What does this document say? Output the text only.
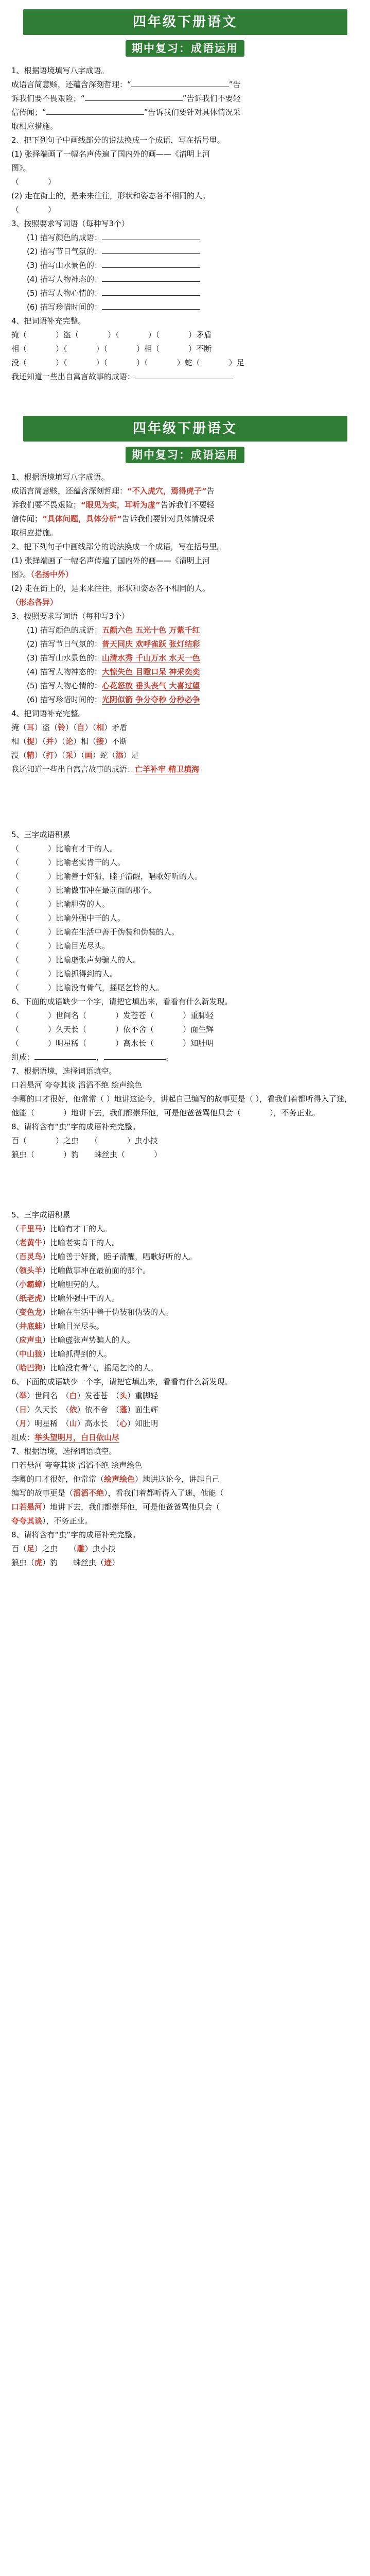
四年级下册语文
期中复习：成语运用
1、根据语境填写八字成语。
成语言简意赅，还蕴含深刻哲理：“	”告
诉我们要不畏艰险；“	”告诉我们不要轻
信传闻；“	”告诉我们要针对具体情况采
取相应措施。
2、把下列句子中画线部分的说法换成一个成语，写在括号里。
(1) 张择端画了一幅名声传遍了国内外的画——《清明上河
图》。
（	）
(2) 走在街上的，是来来往往，形状和姿态各不相同的人。
（	）
3、按照要求写词语（每种写3个）
(1) 描写颜色的成语：
(2) 描写节日气氛的：
(3) 描写山水景色的：
(4) 描写人物神态的：
(5) 描写人物心情的：
(6) 描写珍惜时间的：
4、把词语补充完整。
掩（	）盗（	）（	）（	）矛盾
相（	）（	）（	）相（	）不断
没（	）（	）（	）（	）蛇（	）足
我还知道一些出自寓言故事的成语：
四年级下册语文
期中复习：成语运用
1、根据语境填写八字成语。
成语言简意赅，还蕴含深刻哲理：“不入虎穴，焉得虎子”告
诉我们要不畏艰险；“眼见为实，耳听为虚”告诉我们不要轻
信传闻；“具体问题，具体分析”告诉我们要针对具体情况采
取相应措施。
2、把下列句子中画线部分的说法换成一个成语，写在括号里。
(1) 张择端画了一幅名声传遍了国内外的画——《清明上河
图》。（名扬中外）
(2) 走在街上的，是来来往往，形状和姿态各不相同的人。
（形态各异）
3、按照要求写词语（每种写3个）
(1) 描写颜色的成语：五颜六色 五光十色 万紫千红
(2) 描写节日气氛的：普天同庆 欢呼雀跃 张灯结彩
(3) 描写山水景色的：山清水秀 千山万水 水天一色
(4) 描写人物神态的：大惊失色 目瞪口呆 神采奕奕
(5) 描写人物心情的：心花怒放 垂头丧气 大喜过望
(6) 描写珍惜时间的：光阴似箭 争分夺秒 分秒必争
4、把词语补充完整。
掩（耳）盗（铃）（自）（相）矛盾
相（提）（并）（论）相（接）不断
没（精）（打）（采）（画）蛇（添）足
我还知道一些出自寓言故事的成语：亡羊补牢 精卫填海
5、三字成语积累
（	）比喻有才干的人。
（	）比喻老实肯干的人。
（	）比喻善于奸猾，睦子清醒，唱歌好听的人。
（	）比喻做事冲在最前面的那个。
（	）比喻胆劳的人。
（	）比喻外强中干的人。
（	）比喻在生活中善于伪装和伪装的人。
（	）比喻目光尽头。
（	）比喻虚张声势骗人的人。
（	）比喻抓得到的人。
（	）比喻没有骨气，摇尾乞怜的人。
6、下面的成语缺少一个字，请把它填出来，看看有什么新发现。
（	）世间名（	）发苍苍（	）重脚轻
（	）久天长（	）依不舍（	）面生辉
（	）明星稀（	）高水长（	）知肚明
组成：	，	。
7、根据语境，选择词语填空。
口若悬河 夸夸其谈 滔滔不绝 绘声绘色
李卿的口才很好，他常常（ ）地讲这论今，讲起自己编写的故事更是（ ），看我们着都听得入了迷，他能（	）地讲下去，我们都崇拜他，可是他爸爸骂他只会（	），不务正业。
8、请将含有“虫”字的成语补充完整。
百（	）之虫　　 （	）虫小技
狼虫（	）豹　　 蛛丝虫（	）
5、三字成语积累
（千里马）比喻有才干的人。
（老黄牛）比喻老实肯干的人。
（百灵鸟）比喻善于奸猾，睦子清醒，唱歌好听的人。
（领头羊）比喻做事冲在最前面的那个。
（小霸蟑）比喻胆劳的人。
（纸老虎）比喻外强中干的人。
（变色龙）比喻在生活中善于伪装和伪装的人。
（井底蛙）比喻目光尽头。
（应声虫）比喻虚张声势骗人的人。
（中山狼）比喻抓得到的人。
（哈巴狗）比喻没有骨气，摇尾乞怜的人。
6、下面的成语缺少一个字，请把它填出来，看看有什么新发现。
（举）世间名　（白）发苍苍　（头）重脚轻
（日）久天长　（依）依不舍　（蓬）面生辉
（月）明星稀　（山）高水长　（心）知肚明
组成：举头望明月，白日依山尽
7、根据语境，选择词语填空。
口若悬河 夸夸其谈 滔滔不绝 绘声绘色
李卿的口才很好，他常常（绘声绘色）地讲这论今，讲起自己
编写的故事更是（滔滔不绝），看我们着都听得入了迷，他能（
口若悬河）地讲下去，我们都崇拜他，可是他爸爸骂他只会（
夸夸其谈），不务正业。
8、请将含有“虫”字的成语补充完整。
百（足）之虫　　 （雕）虫小技
狼虫（虎）豹　　 蛛丝虫（迹）
